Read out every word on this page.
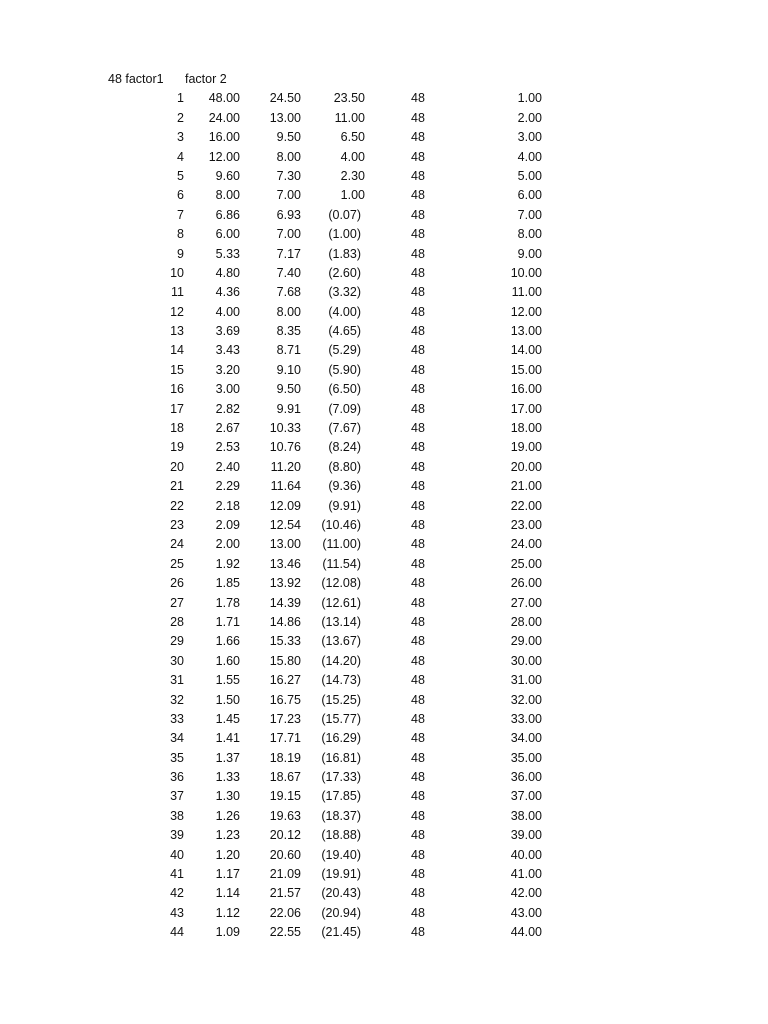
48 factor1 factor 2
1 48.00 24.50	23.50	48	1.00
2 24.00 13.00	11.00	48	2.00
3 16.00	9.50	6.50	48	3.00
4 12.00	8.00	4.00	48	4.00
5	9.60	7.30	2.30	48	5.00
6	8.00	7.00	1.00	48	6.00
7	6.86	6.93 (0.07)	48	7.00
8	6.00	7.00 (1.00)	48	8.00
9	5.33	7.17 (1.83)	48	9.00
10	4.80	7.40 (2.60)	48	10.00
11	4.36	7.68 (3.32)	48	11.00
12	4.00	8.00 (4.00)	48	12.00
13	3.69	8.35 (4.65)	48	13.00
14	3.43	8.71 (5.29)	48	14.00
15	3.20	9.10 (5.90)	48	15.00
16	3.00	9.50 (6.50)	48	16.00
17	2.82	9.91 (7.09)	48	17.00
18	2.67 10.33 (7.67)	48	18.00
19	2.53 10.76 (8.24)	48	19.00
20	2.40 11.20 (8.80)	48	20.00
21	2.29 11.64 (9.36)	48	21.00
22	2.18 12.09 (9.91)	48	22.00
23	2.09 12.54 (10.46)	48	23.00
24	2.00 13.00 (11.00)	48	24.00
25	1.92 13.46 (11.54)	48	25.00
26	1.85 13.92 (12.08)	48	26.00
27	1.78 14.39 (12.61)	48	27.00
28	1.71 14.86 (13.14)	48	28.00
29	1.66 15.33 (13.67)	48	29.00
30	1.60 15.80 (14.20)	48	30.00
31	1.55 16.27 (14.73)	48	31.00
32	1.50 16.75 (15.25)	48	32.00
33	1.45 17.23 (15.77)	48	33.00
34	1.41 17.71 (16.29)	48	34.00
35	1.37 18.19 (16.81)	48	35.00
36	1.33 18.67 (17.33)	48	36.00
37	1.30 19.15 (17.85)	48	37.00
38	1.26 19.63 (18.37)	48	38.00
39	1.23 20.12 (18.88)	48	39.00
40	1.20 20.60 (19.40)	48	40.00
41	1.17 21.09 (19.91)	48	41.00
42	1.14 21.57 (20.43)	48	42.00
43	1.12 22.06 (20.94)	48	43.00
44	1.09 22.55 (21.45)	48	44.00
